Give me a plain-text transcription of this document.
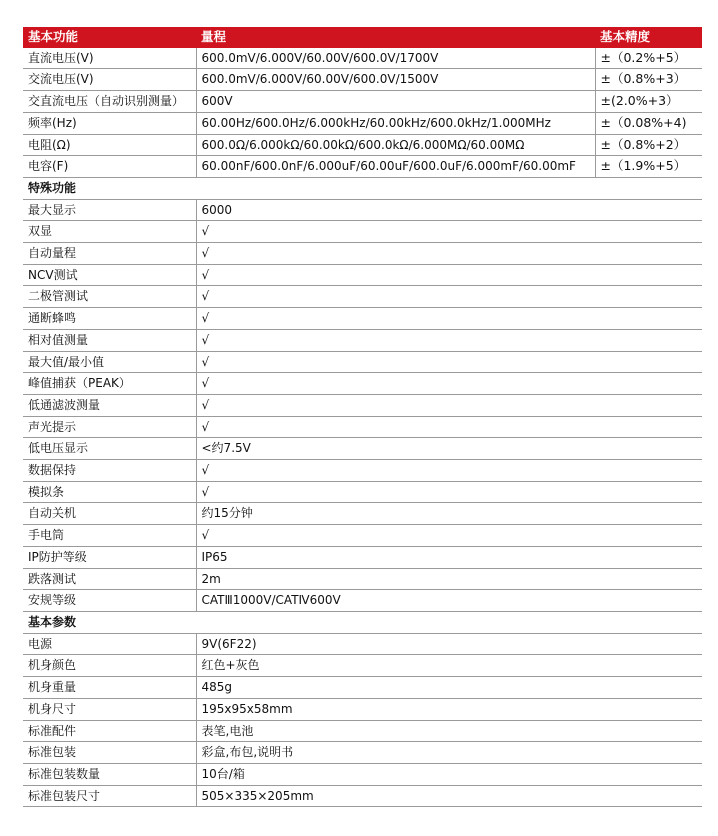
基本功能	量程	基本精度
直流电压(V)	600.0mV/6.000V/60.00V/600.0V/1700V	±（0.2%+5）
交流电压(V)	600.0mV/6.000V/60.00V/600.0V/1500V	±（0.8%+3）
交直流电压（自动识别测量）	600V	±(2.0%+3）
频率(Hz)	60.00Hz/600.0Hz/6.000kHz/60.00kHz/600.0kHz/1.000MHz	±（0.08%+4)
电阻(Ω)	600.0Ω/6.000kΩ/60.00kΩ/600.0kΩ/6.000MΩ/60.00MΩ	±（0.8%+2）
电容(F)	60.00nF/600.0nF/6.000uF/60.00uF/600.0uF/6.000mF/60.00mF	±（1.9%+5）
特殊功能		
最大显示	6000	
双显	√	
自动量程	√	
NCV测试	√	
二极管测试	√	
通断蜂鸣	√	
相对值测量	√	
最大值/最小值	√	
峰值捕获（PEAK）	√	
低通滤波测量	√	
声光提示	√	
低电压显示	<约7.5V	
数据保持	√	
模拟条	√	
自动关机	约15分钟	
手电筒	√	
IP防护等级	IP65	
跌落测试	2m	
安规等级	CATⅢ1000V/CATⅣ600V	
基本参数		
电源	9V(6F22)	
机身颜色	红色+灰色	
机身重量	485g	
机身尺寸	195x95x58mm	
标准配件	表笔,电池	
标准包装	彩盒,布包,说明书	
标准包装数量	10台/箱	
标准包装尺寸	505×335×205mm	
